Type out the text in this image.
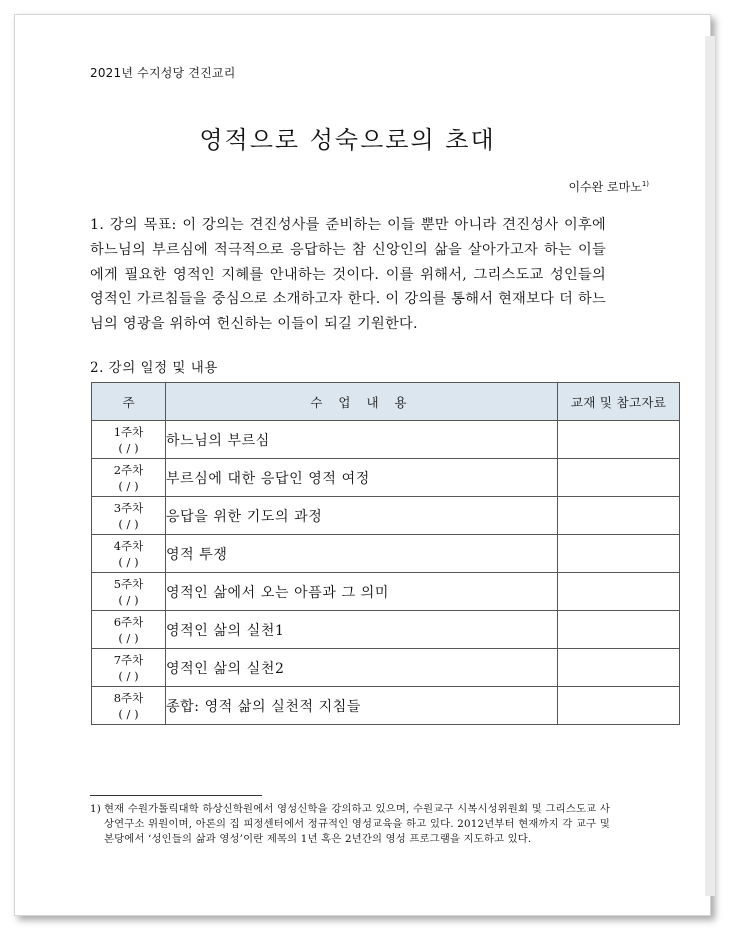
2021년 수지성당 견진교리
영적으로 성숙으로의 초대
이수완 로마노$^{1)}$
1. 강의 목표: 이 강의는 견진성사를 준비하는 이들 뿐만 아니라 견진성사 이후에 하느님의 부르심에 적극적으로 응답하는 참 신앙인의 삶을 살아가고자 하는 이들에게 필요한 영적인 지혜를 안내하는 것이다. 이를 위해서, 그리스도교 성인들의 영적인 가르침들을 중심으로 소개하고자 한다. 이 강의를 통해서 현재보다 더 하느님의 영광을 위하여 헌신하는 이들이 되길 기원한다.
2. 강의 일정 및 내용
주	수 업 내 용	교재 및 참고자료

1주차
( / )	하느님의 부르심	

2주차
( / )	부르심에 대한 응답인 영적 여정	

3주차
( / )	응답을 위한 기도의 과정	

4주차
( / )	영적 투쟁	

5주차
( / )	영적인 삶에서 오는 아픔과 그 의미	

6주차
( / )	영적인 삶의 실천1	

7주차
( / )	영적인 삶의 실천2	

8주차
( / )	종합: 영적 삶의 실천적 지침들	
1) 현재 수원가톨릭대학 하상신학원에서 영성신학을 강의하고 있으며, 수원교구 시복시성위원회 및 그리스도교 사상연구소 위원이며, 아론의 집 피정센터에서 정규적인 영성교육을 하고 있다. 2012년부터 현재까지 각 교구 및 본당에서 ‘성인들의 삶과 영성’이란 제목의 1년 혹은 2년간의 영성 프로그램을 지도하고 있다.
